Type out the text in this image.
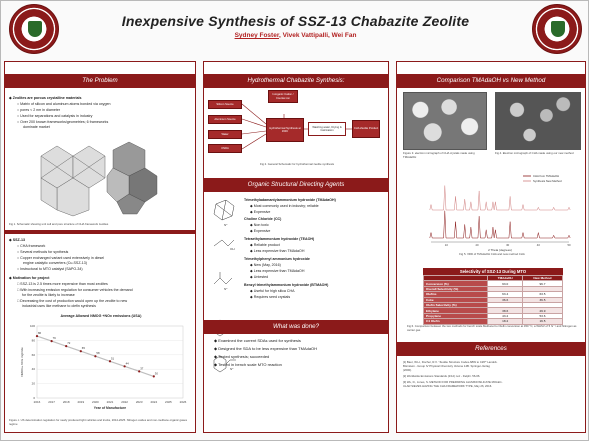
Inexpensive Synthesis of SSZ-13 Chabazite Zeolite
Sydney Foster, Vivek Vattipalli, Wei Fan
The Problem
◆ Zeolites are porous crystalline materials
○ Matrix of silicon and aluminum atoms bonded via oxygen
○ pores < 2 nm in diameter
○ Used for separations and catalysis in industry
○ Over 200 known frameworks/geometries; 6 frameworks
dominate market
Fig 1. Schematic showing unit cell and pore structure of CHA framework zeolites
◆ SSZ-13
○ CHA framework
○ Several methods for synthesis
○ Copper exchanged variant used extensively in diesel
engine catalytic converters (Cu-SSZ-13)
○ Instructural to MTO catalyst (SAPO-34)
◆ Motivation for project
□ SSZ-13 is 2.5 times more expensive than most zeolites
□ With increasing emission regulation for consumer vehicles the demand
for the zeolite is likely to increase
□ Decreasing the cost of production would open up the zeolite to new
industrial uses like methane to olefin synthesis
Average Allowed NMOG +NOx emissions (USA)
0
20
40
60
80
100
2016	2017	2018	2019	2020	2021	2022	2023	2024	2025	2026
86
79
72
65
58
51
44
37
30
NMOG+ NOx mg/mile
Year of Manufacture
Figure c. US determination regulation for newly produced light vehicles and trucks, 2014-2025. Nitrogen oxides and non-methane organic gases regime
Hydrothermal Chabazite Synthesis:
Silicon Source
Aluminum Source
Water
OSDA
Inorganic Cation / Counter-ion
Hydrothermal Synthesis at 160C
Washing water, Drying & Calcination
CHA Zeolite Product
Fig 2. General Schematic for hydrothermal zeolite synthesis
Organic Structural Directing Agents
N⁺
OH
N⁺
N⁺
Trimethyladamantylammonium hydroxide (TMAdaOH)
◆ Most commonly used in industry; reliable
◆ Expensive
Choline Chloride (CC)
◆ Non toxic
◆ Expensive
Tetraethylammonium hydroxide (TEAOH)
◆ Reliable product
◆ Less expensive than TMAdaOH
Trimethylphenyl ammonium hydroxide
◆ New (May, 2016)
◆ Less expensive than TMAdaOH
◆ Untested
Benzyl trimethylammonium hydroxide (BTMAOH)
◆ Useful for high silica CHA
◆ Requires seed crystals
What was done?
◆ Examined the current SDAs used for synthesis
◆ Designed the SDA to be less expensive than TMAdaOH
◆ Tested synthesis; succeeded
◆ Tested in bench scale MTO reaction
Comparison TMAdaOH vs New Method
Figure 3. electron micrograph of CHA crystals made using TMAdaOH
Fig 4. Electron micrograph of CHA made using our new method
CHA from TMAdaOH
Synthesis New Method
10	20	30	40	50
2 Theta (degrees)
Fig 5. XRD of TMAdaOH CHA and new method CHA
Selectivity of SSZ-13 During MTO
	TMAdaOH	New Method
Conversion (%)	93.0	96.7
Overall Selectivity (%)		
Olefins	63.4	63.5
Coke	36.6	36.5
Olefin Selectivity (%)		
Ethylene	38.6	29.9
Propylene	43.2	53.6
C4 Olefin	18.2	16.5
Fig 6. Comparison between the two methods for bench scale Methanol to Olefin conversion at 450 °C, a WHSV of 5 hr⁻¹ and Nitrogen as carrier gas
References
[1] Baur, W.H., Fischer, R.X. "Zeolite Structure Codes ABW to CZP" Landolt-
Börnstein - Group IV Physical Chemistry Volume 14B. Springer-Verlag
(2000).
[2] Worldwide Emissions Standards (2/12) noz - Delphi. 56-66.
[3] Wu, D., Jones, S. METHOD FOR PREPARING ALUMINOSILICATE MOLEC-
ULAR SIEVES HAVING THE CHA FRAMEWORK TYPE, May 26, 2016.
